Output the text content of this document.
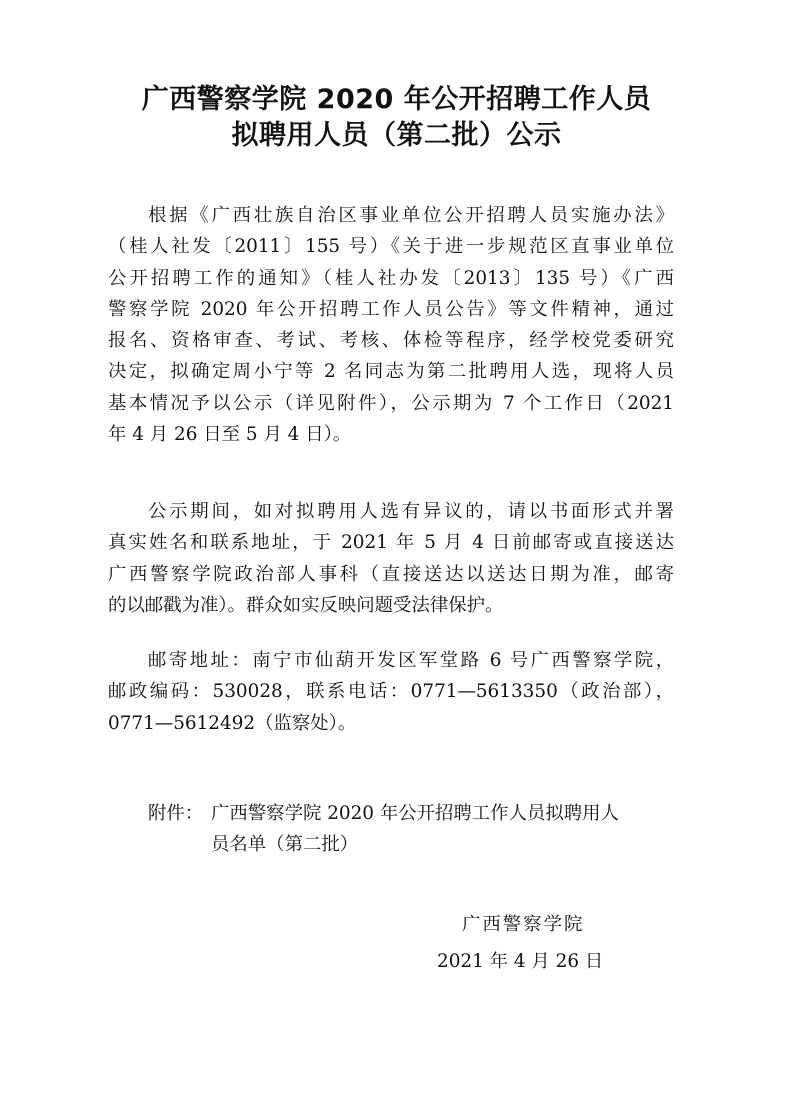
广西警察学院 2020 年公开招聘工作人员
拟聘用人员（第二批）公示
根据《广西壮族自治区事业单位公开招聘人员实施办法》
（桂人社发〔2011〕155 号）《关于进一步规范区直事业单位
公开招聘工作的通知》（桂人社办发〔2013〕135 号）《广西
警察学院 2020 年公开招聘工作人员公告》等文件精神，通过
报名、资格审查、考试、考核、体检等程序，经学校党委研究
决定，拟确定周小宁等 2 名同志为第二批聘用人选，现将人员
基本情况予以公示（详见附件），公示期为 7 个工作日（2021
年 4 月 26 日至 5 月 4 日）。
公示期间，如对拟聘用人选有异议的，请以书面形式并署
真实姓名和联系地址，于 2021 年 5 月 4 日前邮寄或直接送达
广西警察学院政治部人事科（直接送达以送达日期为准，邮寄
的以邮戳为准）。群众如实反映问题受法律保护。
邮寄地址：南宁市仙葫开发区军堂路 6 号广西警察学院，
邮政编码：530028，联系电话：0771—5613350（政治部），
0771—5612492（监察处）。
附件： 广西警察学院 2020 年公开招聘工作人员拟聘用人
员名单（第二批）
广西警察学院
2021 年 4 月 26 日
